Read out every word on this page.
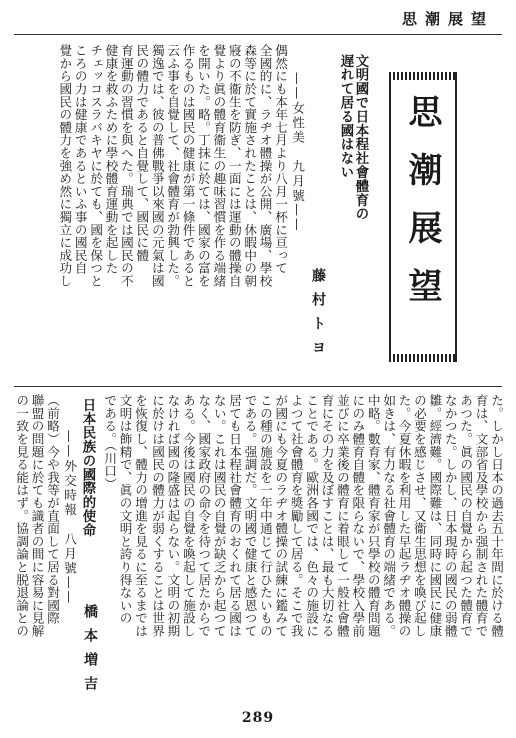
思潮展望
思潮展望
文明國で日本程社會體育の 遅れて居る國はない
藤村トヨ
——女性美　九月號——
偶然にも本年七月より八月一杯に亘って
全國的に、ラヂオ體操が公開、廣場、學校
森等に於て實施されたことは、休暇中の朝
寢の不衞生を防ぎ、一面には運動の體操自
覺より眞の體育衞生の趣味習慣を作る端緒
を開いた。略。丁抹に於ては、國家の富を
作るものは國民の健康が第一條件であると
云ふ事を自覺して、社會體育が勃興した。
獨逸では、彼の普佛戰爭以來國の元氣は國
民の體力であると自覺して、國民に體
育運動の習慣を與へた。瑞典では國民の不
健康を救ふために學校體育運動を起した
チェッコスラバキヤに於ても、國を保つと
ころの力は健康であるといふ事の國民自
覺から國民の體力を強め然に獨立に成功し
た。しかし日本の過去五十年間に於ける體
育は、文部省及學校から强制された體育で
あつた。眞の國民の自覺から起つた體育で
なかつた。しかし、日本現時の國民の弱體
雛。經濟難。國際難は、同時に國民に健康
の必要を感じさせ、又衞生思想を喚び起し
た。今夏休暇を利用した早起ラヂオ體操の
如きは、有力なる社會體育の端緒である。
中略。數育家、體育家が只學校の體育問題
にのみ體育自體を限らないで、學校入學前
並びに卒業後の體育に着眼して一般社會體
育にその力を及ぼすことは、最も大切なる
ことである。歐洲各國では、色々の施設に
よつて社會體育を獎勵して居る。そこで我
が國にも今夏のラヂオ體操の試練に鑑みて
この種の施設を一年中通じて行ひたいもの
である。强調だ。文明國で健康と感恩つて
居ても日本程社會體育のおくれて居る國は
ない。これは國民の自覺が缺乏から起つて
なく、國家政府の命令を待つて居たからで
ある。今後は國民の自覺を喚起して施設し
なければ國の隆盛は起らない。文明の初期
に於けは國民の體力が弱くすることは世界

を恢復し、體力の增進を見るに至るまでは
文明は飾精で、眞の文明と誇り得ないの
である。（川口）
日本民族の國際的使命
橋本増吉
——外交時報　八月號——
（前略）今や我等が直面して居る對國際
聯盟の問題に於ても識者の間に容易に見解
の一致を見る能はず。協調論と脱退論との

289
